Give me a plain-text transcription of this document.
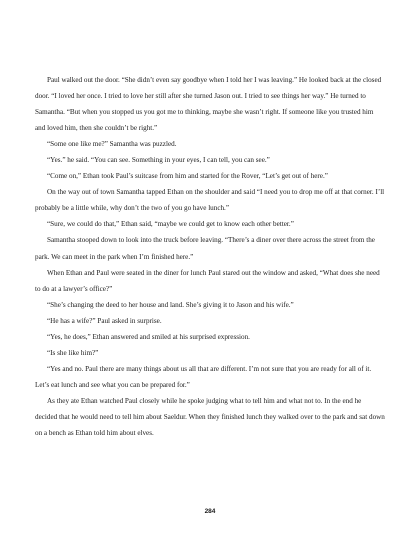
Paul walked out the door. “She didn’t even say goodbye when I told her I was leaving.” He looked back at the closed door. “I loved her once. I tried to love her still after she turned Jason out. I tried to see things her way.” He turned to Samantha. “But when you stopped us you got me to thinking, maybe she wasn’t right. If someone like you trusted him and loved him, then she couldn’t be right.”

“Some one like me?” Samantha was puzzled.

“Yes.” he said. “You can see. Something in your eyes, I can tell, you can see.”

“Come on,” Ethan took Paul’s suitcase from him and started for the Rover, “Let’s get out of here.”

On the way out of town Samantha tapped Ethan on the shoulder and said “I need you to drop me off at that corner. I’ll probably be a little while, why don’t the two of you go have lunch.”

“Sure, we could do that,” Ethan said, “maybe we could get to know each other better.”

Samantha stooped down to look into the truck before leaving. “There’s a diner over there across the street from the park. We can meet in the park when I’m finished here.”

When Ethan and Paul were seated in the diner for lunch Paul stared out the window and asked, “What does she need to do at a lawyer’s office?”

“She’s changing the deed to her house and land. She’s giving it to Jason and his wife.”

“He has a wife?” Paul asked in surprise.

“Yes, he does,” Ethan answered and smiled at his surprised expression.

“Is she like him?”

“Yes and no. Paul there are many things about us all that are different. I’m not sure that you are ready for all of it. Let’s eat lunch and see what you can be prepared for.”

As they ate Ethan watched Paul closely while he spoke judging what to tell him and what not to. In the end he decided that he would need to tell him about Saeldur. When they finished lunch they walked over to the park and sat down on a bench as Ethan told him about elves.

284
